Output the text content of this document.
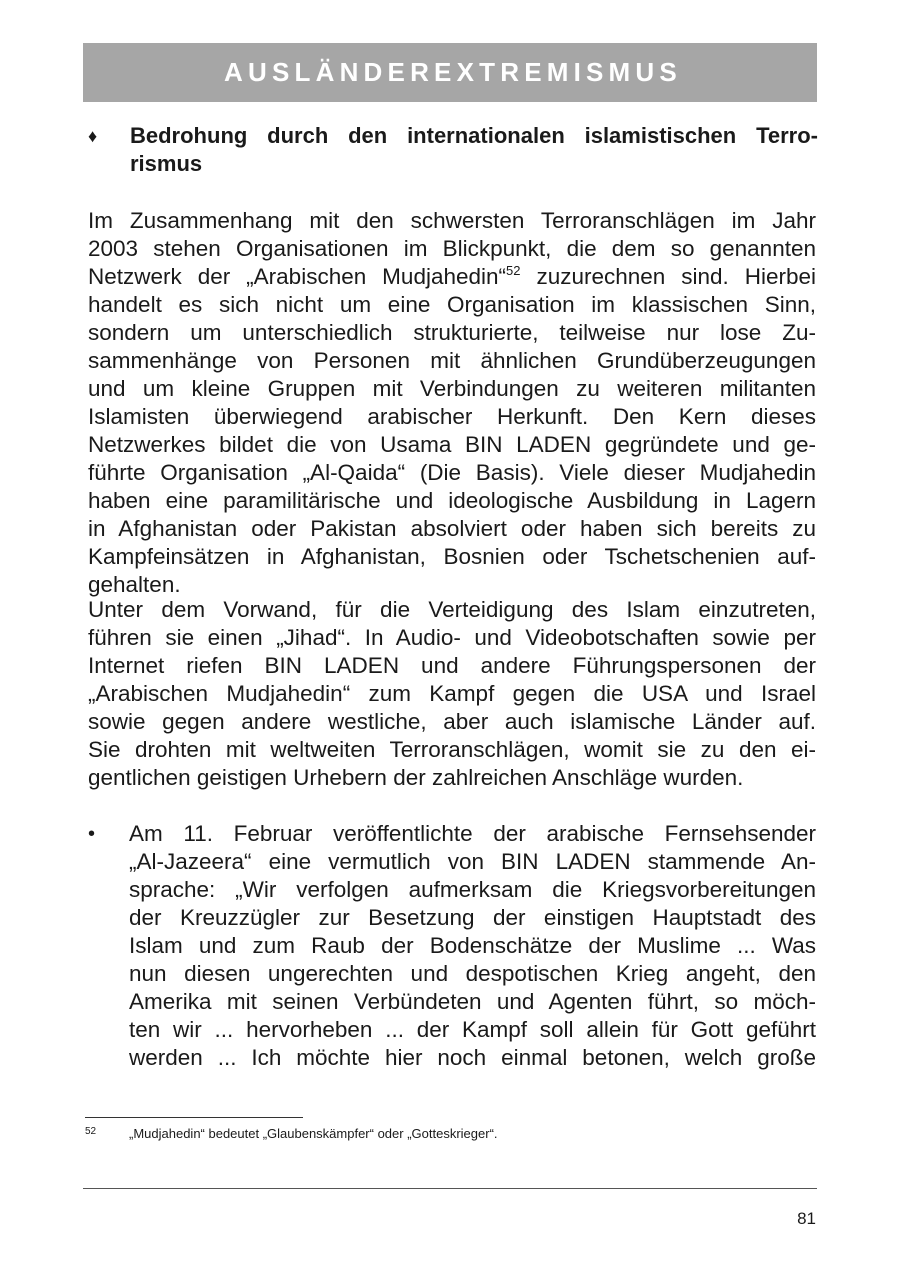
AUSLÄNDEREXTREMISMUS
♦ Bedrohung durch den internationalen islamistischen Terro-
rismus
Im Zusammenhang mit den schwersten Terroranschlägen im Jahr
2003 stehen Organisationen im Blickpunkt, die dem so genannten
Netzwerk der „Arabischen Mudjahedin“$^{52}$ zuzurechnen sind. Hierbei
handelt es sich nicht um eine Organisation im klassischen Sinn,
sondern um unterschiedlich strukturierte, teilweise nur lose Zu-
sammenhänge von Personen mit ähnlichen Grundüberzeugungen
und um kleine Gruppen mit Verbindungen zu weiteren militanten
Islamisten überwiegend arabischer Herkunft. Den Kern dieses
Netzwerkes bildet die von Usama BIN LADEN gegründete und ge-
führte Organisation „Al-Qaida“ (Die Basis). Viele dieser Mudjahedin
haben eine paramilitärische und ideologische Ausbildung in Lagern
in Afghanistan oder Pakistan absolviert oder haben sich bereits zu
Kampfeinsätzen in Afghanistan, Bosnien oder Tschetschenien auf-
gehalten.
Unter dem Vorwand, für die Verteidigung des Islam einzutreten,
führen sie einen „Jihad“. In Audio- und Videobotschaften sowie per
Internet riefen BIN LADEN und andere Führungspersonen der
„Arabischen Mudjahedin“ zum Kampf gegen die USA und Israel
sowie gegen andere westliche, aber auch islamische Länder auf.
Sie drohten mit weltweiten Terroranschlägen, womit sie zu den ei-
gentlichen geistigen Urhebern der zahlreichen Anschläge wurden.
• Am 11. Februar veröffentlichte der arabische Fernsehsender
„Al-Jazeera“ eine vermutlich von BIN LADEN stammende An-
sprache: „Wir verfolgen aufmerksam die Kriegsvorbereitungen
der Kreuzzügler zur Besetzung der einstigen Hauptstadt des
Islam und zum Raub der Bodenschätze der Muslime ... Was
nun diesen ungerechten und despotischen Krieg angeht, den
Amerika mit seinen Verbündeten und Agenten führt, so möch-
ten wir ... hervorheben ... der Kampf soll allein für Gott geführt
werden ... Ich möchte hier noch einmal betonen, welch große
52	„Mudjahedin“ bedeutet „Glaubenskämpfer“ oder „Gotteskrieger“.
81
